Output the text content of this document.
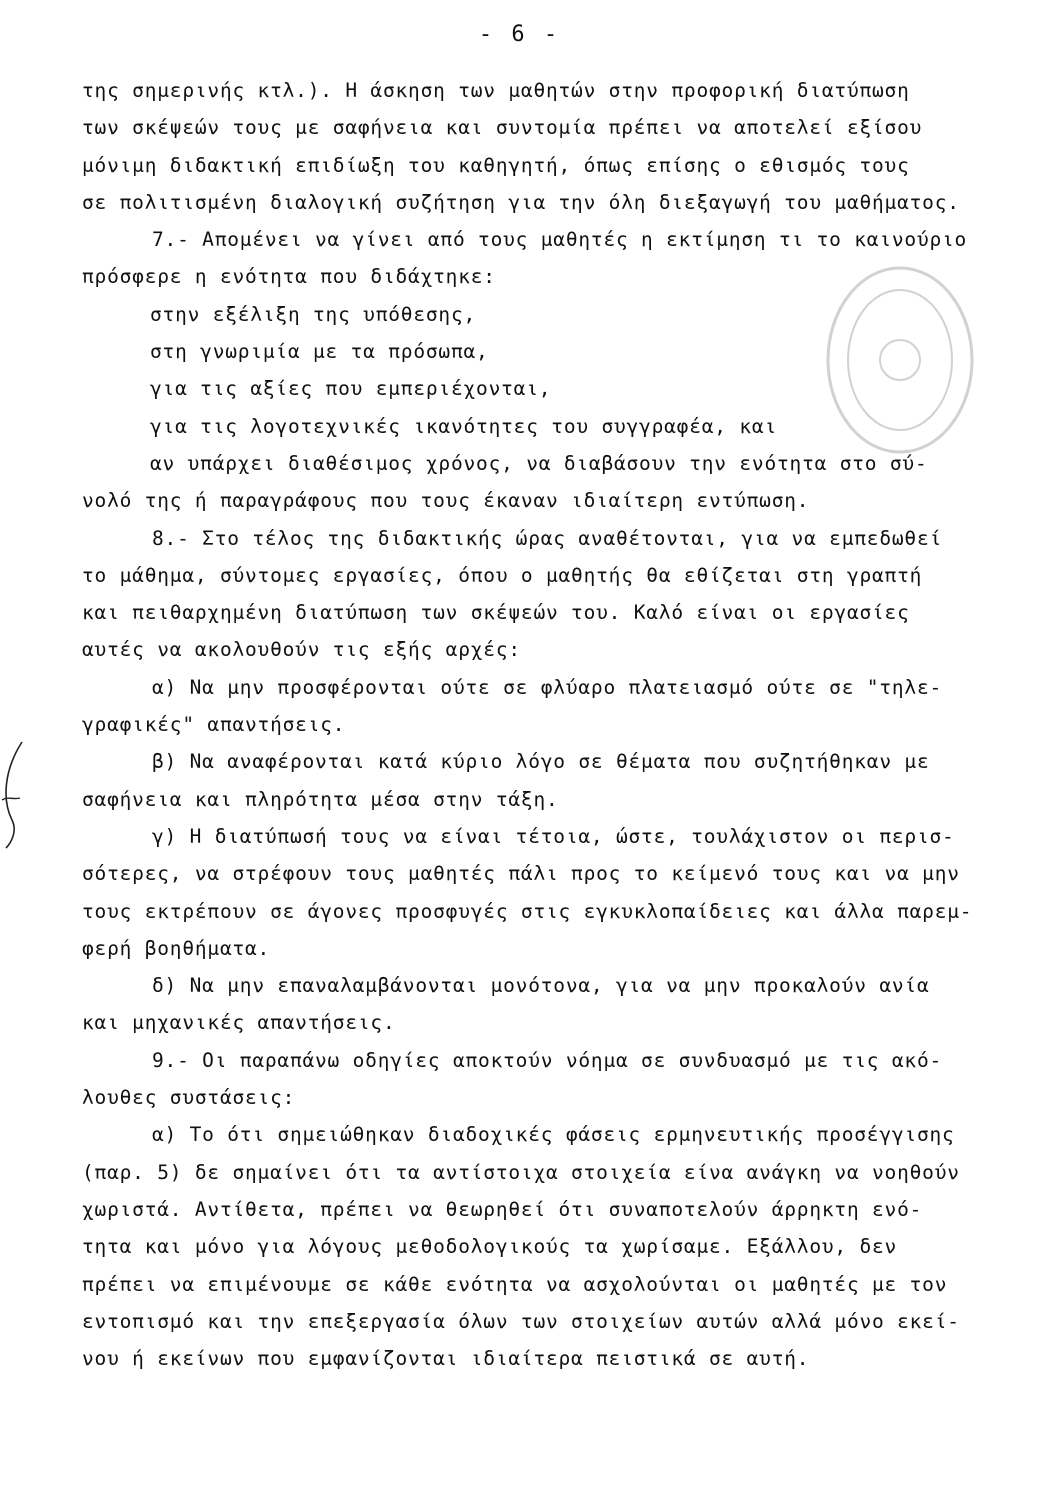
- 6 -
της σημερινής κτλ.). Η άσκηση των μαθητών στην προφορική διατύπωση
των σκέψεών τους με σαφήνεια και συντομία πρέπει να αποτελεί εξίσου
μόνιμη διδακτική επιδίωξη του καθηγητή, όπως επίσης ο εθισμός τους
σε πολιτισμένη διαλογική συζήτηση για την όλη διεξαγωγή του μαθήματος.
7.- Απομένει να γίνει από τους μαθητές η εκτίμηση τι το καινούριο
πρόσφερε η ενότητα που διδάχτηκε:
στην εξέλιξη της υπόθεσης,
στη γνωριμία με τα πρόσωπα,
για τις αξίες που εμπεριέχονται,
για τις λογοτεχνικές ικανότητες του συγγραφέα, και
αν υπάρχει διαθέσιμος χρόνος, να διαβάσουν την ενότητα στο σύ-
νολό της ή παραγράφους που τους έκαναν ιδιαίτερη εντύπωση.
8.- Στο τέλος της διδακτικής ώρας αναθέτονται, για να εμπεδωθεί
το μάθημα, σύντομες εργασίες, όπου ο μαθητής θα εθίζεται στη γραπτή
και πειθαρχημένη διατύπωση των σκέψεών του. Καλό είναι οι εργασίες
αυτές να ακολουθούν τις εξής αρχές:
α) Να μην προσφέρονται ούτε σε φλύαρο πλατειασμό ούτε σε "τηλε-
γραφικές" απαντήσεις.
β) Να αναφέρονται κατά κύριο λόγο σε θέματα που συζητήθηκαν με
σαφήνεια και πληρότητα μέσα στην τάξη.
γ) Η διατύπωσή τους να είναι τέτοια, ώστε, τουλάχιστον οι περισ-
σότερες, να στρέφουν τους μαθητές πάλι προς το κείμενό τους και να μην
τους εκτρέπουν σε άγονες προσφυγές στις εγκυκλοπαίδειες και άλλα παρεμ-
φερή βοηθήματα.
δ) Να μην επαναλαμβάνονται μονότονα, για να μην προκαλούν ανία
και μηχανικές απαντήσεις.
9.- Οι παραπάνω οδηγίες αποκτούν νόημα σε συνδυασμό με τις ακό-
λουθες συστάσεις:
α) Το ότι σημειώθηκαν διαδοχικές φάσεις ερμηνευτικής προσέγγισης
(παρ. 5) δε σημαίνει ότι τα αντίστοιχα στοιχεία είνα ανάγκη να νοηθούν
χωριστά. Αντίθετα, πρέπει να θεωρηθεί ότι συναποτελούν άρρηκτη ενό-
τητα και μόνο για λόγους μεθοδολογικούς τα χωρίσαμε. Εξάλλου, δεν
πρέπει να επιμένουμε σε κάθε ενότητα να ασχολούνται οι μαθητές με τον
εντοπισμό και την επεξεργασία όλων των στοιχείων αυτών αλλά μόνο εκεί-
νου ή εκείνων που εμφανίζονται ιδιαίτερα πειστικά σε αυτή.
